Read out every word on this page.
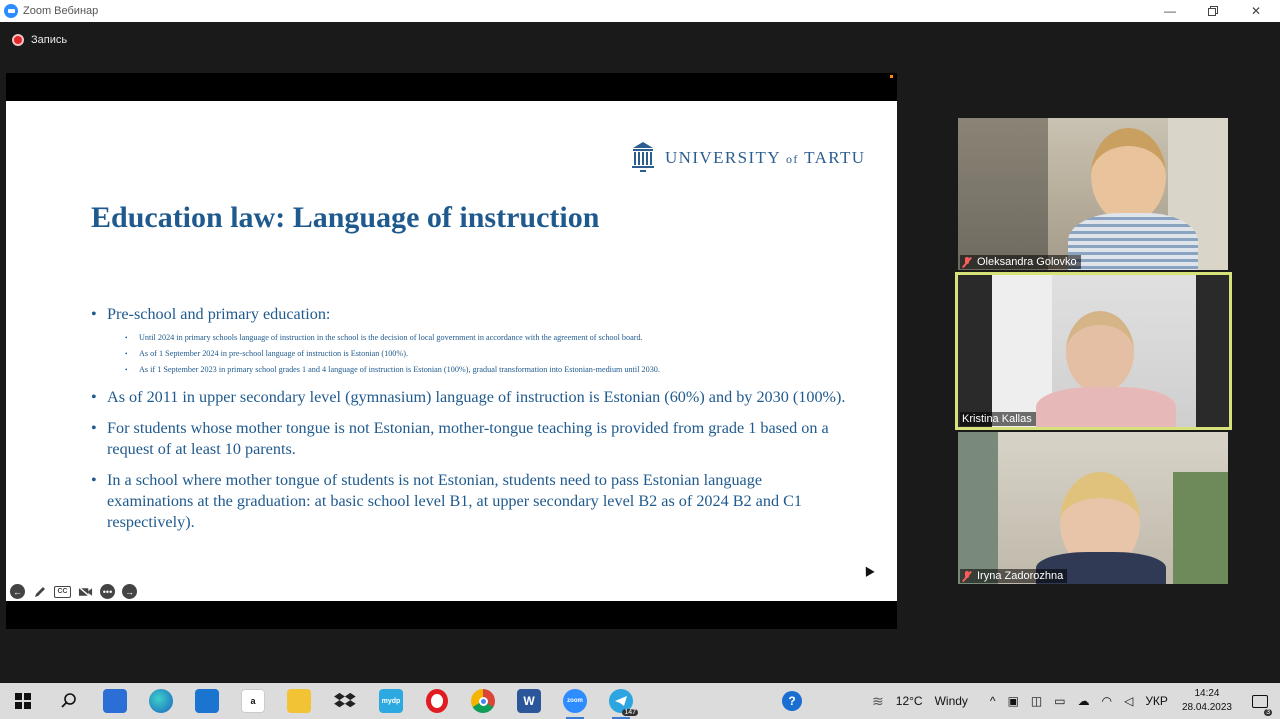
Zoom Вебинар	—	✕
Запись
UNIVERSITY of TARTU
Education law: Language of instruction
• Pre-school and primary education:
•	Until 2024 in primary schools language of instruction in the school is the decision of local government in accordance with the agreement of school board.
•	As of 1 September 2024 in pre-school language of instruction is Estonian (100%).
•	As if 1 September 2023 in primary school grades 1 and 4 language of instruction is Estonian (100%), gradual transformation into Estonian-medium until 2030.
• As of 2011 in upper secondary level (gymnasium) language of instruction is Estonian (60%) and by 2030 (100%).
• For students whose mother tongue is not Estonian, mother-tongue teaching is provided from grade 1 based on a request of at least 10 parents.
• In a school where mother tongue of students is not Estonian, students need to pass Estonian language examinations at the graduation: at basic school level B1, at upper secondary level B2 as of 2024 B2 and C1 respectively).
←	CC	•••	→
Oleksandra Golovko
Kristina Kallas
Iryna Zadorozhna
a	mydp	W	zoom
147
?	≋ 12°C Windy ^ ▣ ◫ ▭ ☁ ◠ ◁ УКР
14:24
28.04.2023	3
